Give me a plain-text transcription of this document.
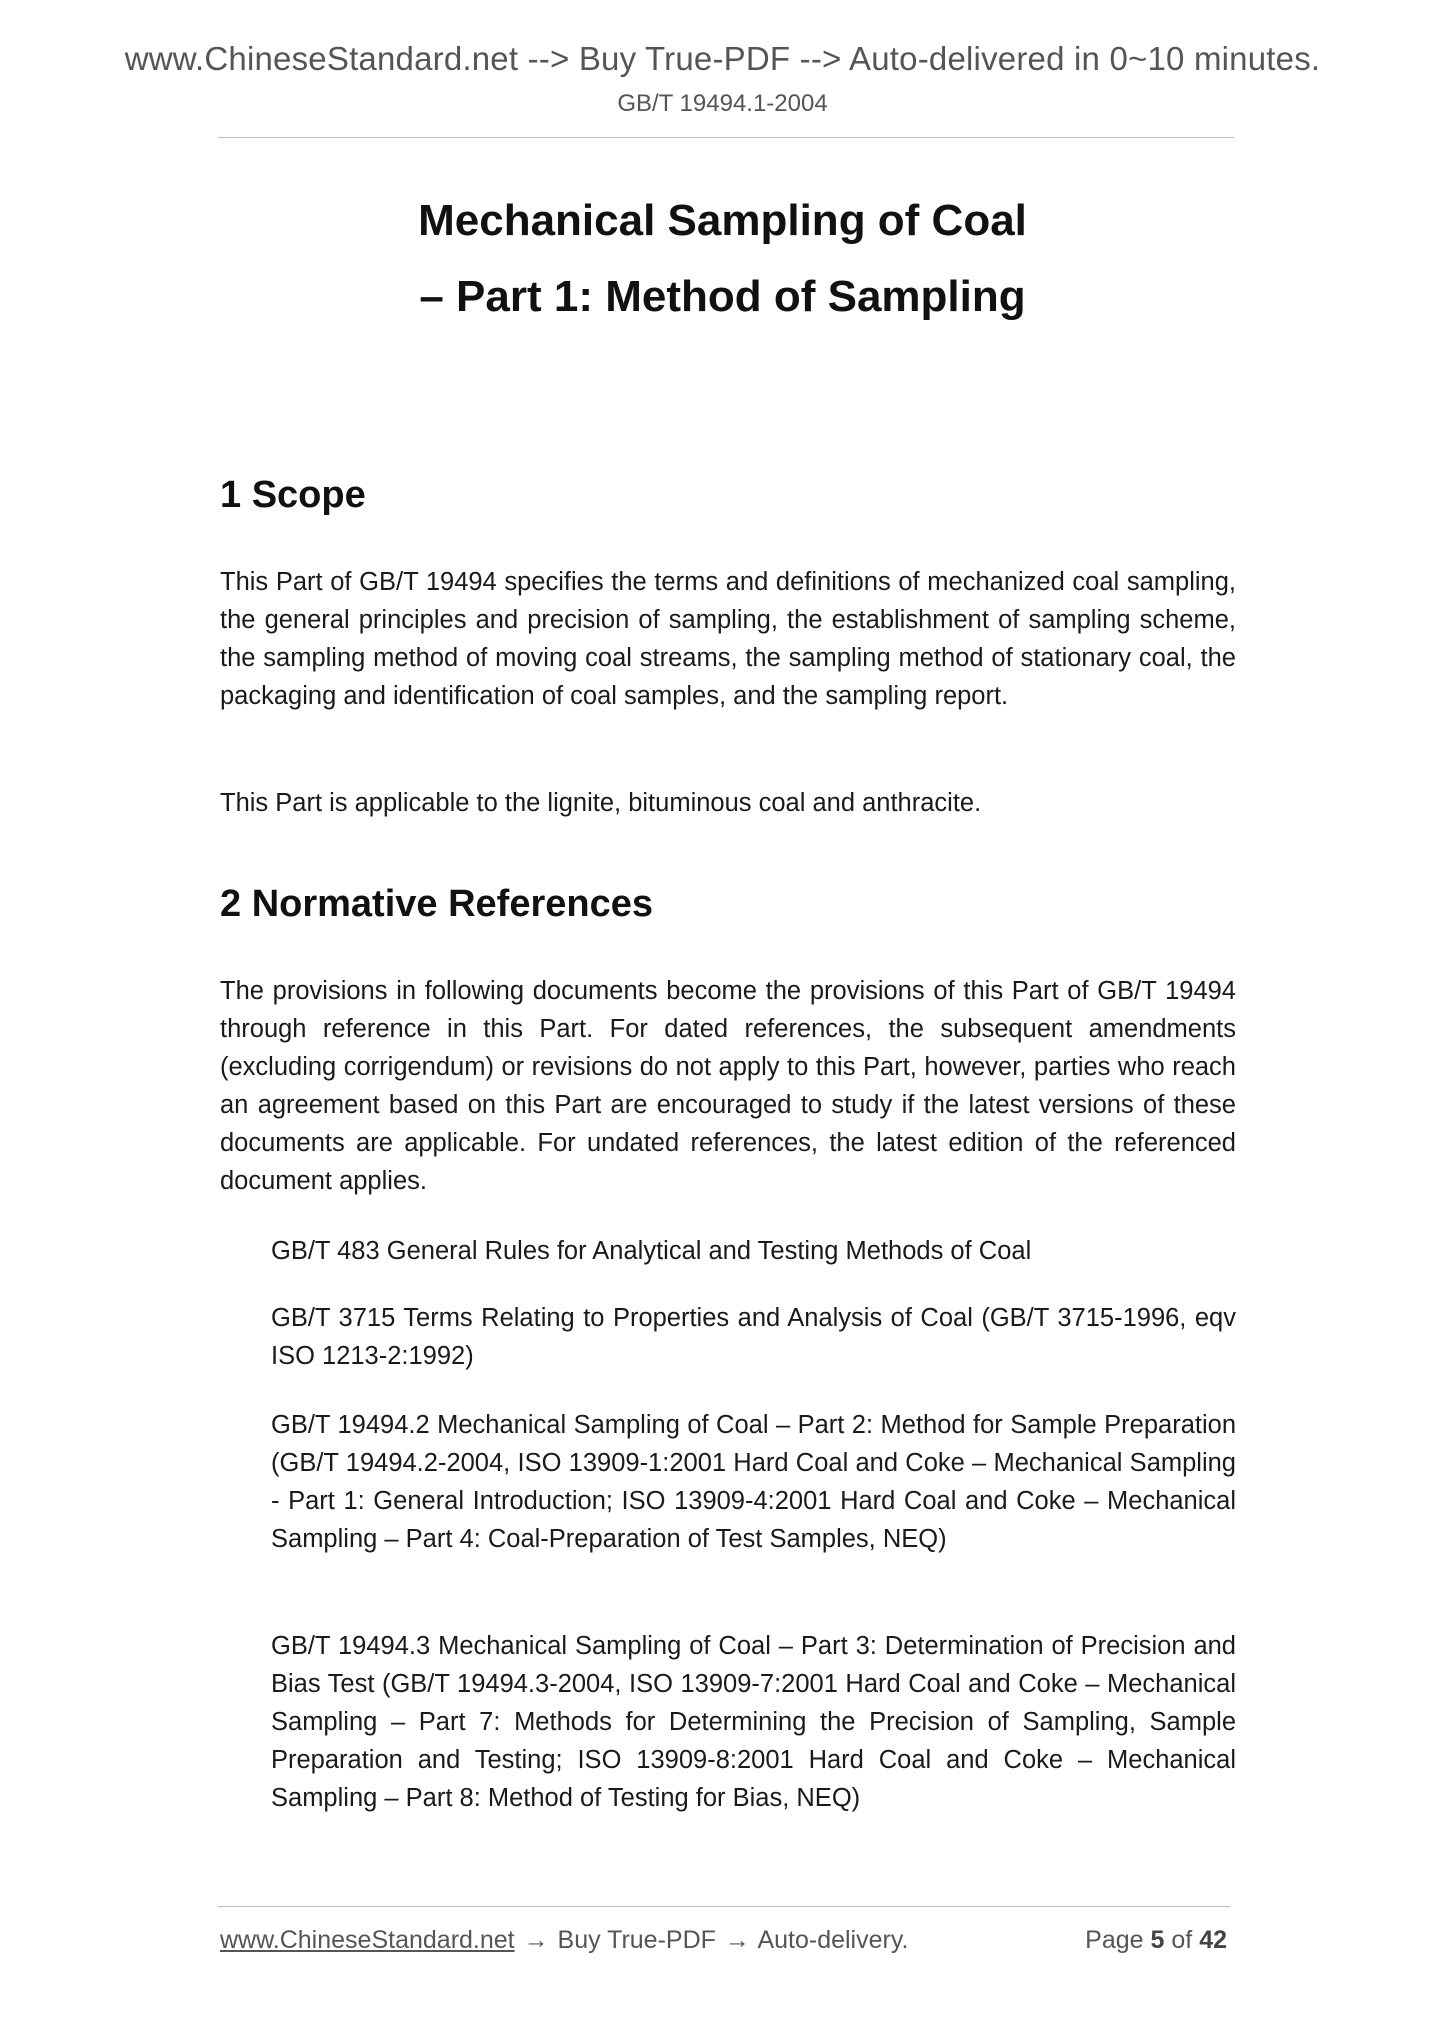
www.ChineseStandard.net --> Buy True-PDF --> Auto-delivered in 0~10 minutes.
GB/T 19494.1-2004
Mechanical Sampling of Coal
– Part 1: Method of Sampling
1 Scope

This Part of GB/T 19494 specifies the terms and definitions of mechanized coal sampling, the general principles and precision of sampling, the establishment of sampling scheme, the sampling method of moving coal streams, the sampling method of stationary coal, the packaging and identification of coal samples, and the sampling report.

This Part is applicable to the lignite, bituminous coal and anthracite.

2 Normative References

The provisions in following documents become the provisions of this Part of GB/T 19494 through reference in this Part. For dated references, the subsequent amendments (excluding corrigendum) or revisions do not apply to this Part, however, parties who reach an agreement based on this Part are encouraged to study if the latest versions of these documents are applicable. For undated references, the latest edition of the referenced document applies.

GB/T 483 General Rules for Analytical and Testing Methods of Coal

GB/T 3715 Terms Relating to Properties and Analysis of Coal (GB/T 3715-1996, eqv ISO 1213-2:1992)

GB/T 19494.2 Mechanical Sampling of Coal – Part 2: Method for Sample Preparation (GB/T 19494.2-2004, ISO 13909-1:2001 Hard Coal and Coke – Mechanical Sampling - Part 1: General Introduction; ISO 13909-4:2001 Hard Coal and Coke – Mechanical Sampling – Part 4: Coal-Preparation of Test Samples, NEQ)

GB/T 19494.3 Mechanical Sampling of Coal – Part 3: Determination of Precision and Bias Test (GB/T 19494.3-2004, ISO 13909-7:2001 Hard Coal and Coke – Mechanical Sampling – Part 7: Methods for Determining the Precision of Sampling, Sample Preparation and Testing; ISO 13909-8:2001 Hard Coal and Coke – Mechanical Sampling – Part 8: Method of Testing for Bias, NEQ)

www.ChineseStandard.net → Buy True-PDF → Auto-delivery.	Page 5 of 42
